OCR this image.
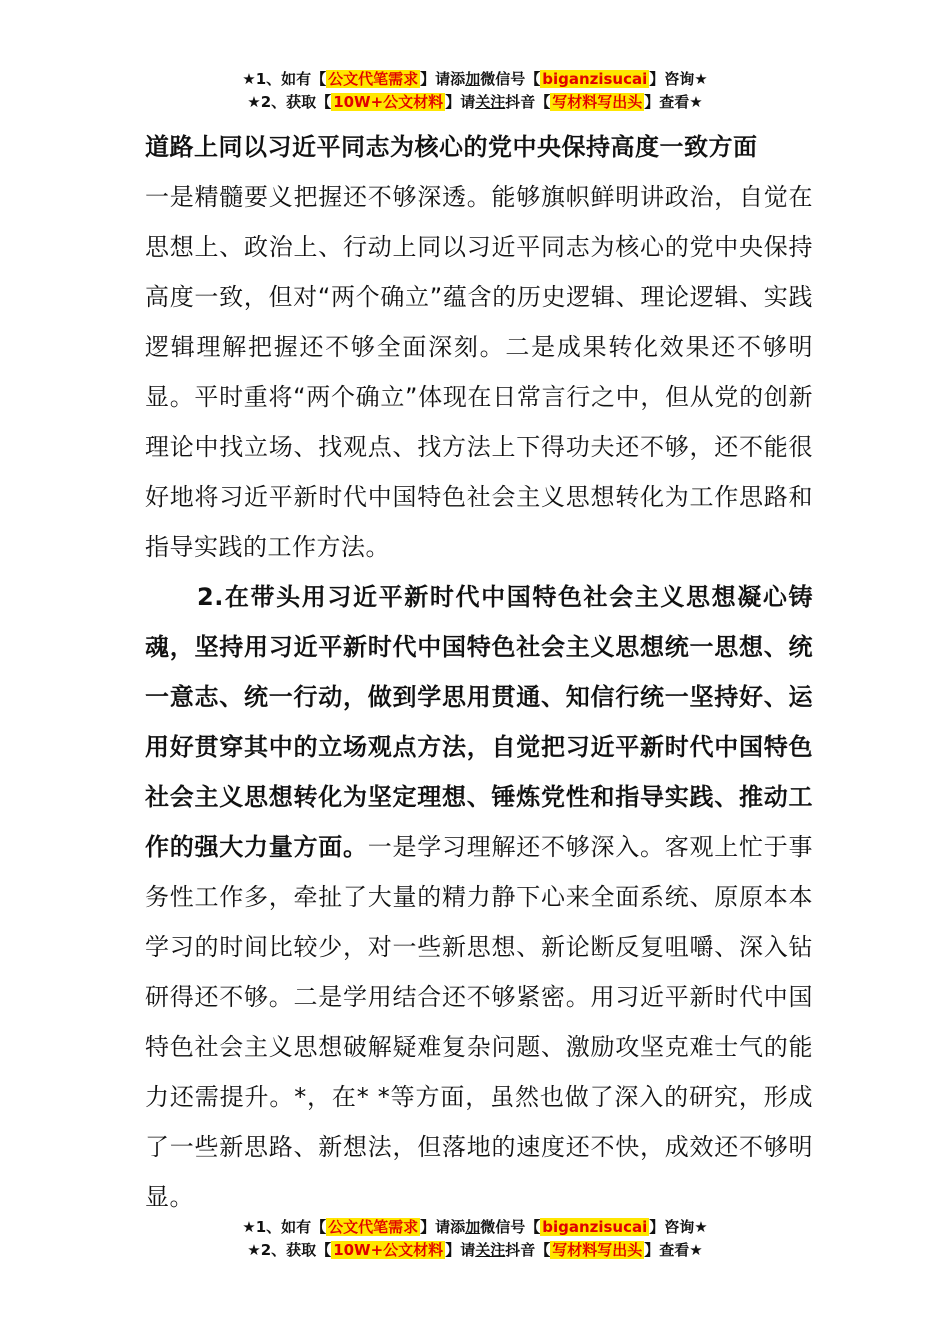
★1、如有【 公文代笔需求 】请添加微信号【 biganzisucai 】咨询★
★2、获取【 10W+公文材料 】请关注抖音【 写材料写出头 】查看★

道路上同以习近平同志为核心的党中央保持高度一致方面

一是精髓要义把握还不够深透。能够旗帜鲜明讲政治，自觉在思想上、政治上、行动上同以习近平同志为核心的党中央保持高度一致，但对“两个确立”蕴含的历史逻辑、理论逻辑、实践逻辑理解把握还不够全面深刻。二是成果转化效果还不够明显。平时重将“两个确立”体现在日常言行之中，但从党的创新理论中找立场、找观点、找方法上下得功夫还不够，还不能很好地将习近平新时代中国特色社会主义思想转化为工作思路和指导实践的工作方法。

2.在带头用习近平新时代中国特色社会主义思想凝心铸魂，坚持用习近平新时代中国特色社会主义思想统一思想、统一意志、统一行动，做到学思用贯通、知信行统一坚持好、运用好贯穿其中的立场观点方法，自觉把习近平新时代中国特色社会主义思想转化为坚定理想、锤炼党性和指导实践、推动工作的强大力量方面。一是学习理解还不够深入。客观上忙于事务性工作多，牵扯了大量的精力静下心来全面系统、原原本本学习的时间比较少，对一些新思想、新论断反复咀嚼、深入钻研得还不够。二是学用结合还不够紧密。用习近平新时代中国特色社会主义思想破解疑难复杂问题、激励攻坚克难士气的能力还需提升。*，在* *等方面，虽然也做了深入的研究，形成了一些新思路、新想法，但落地的速度还不快，成效还不够明显。

★1、如有【 公文代笔需求 】请添加微信号【 biganzisucai 】咨询★
★2、获取【 10W+公文材料 】请关注抖音【 写材料写出头 】查看★
